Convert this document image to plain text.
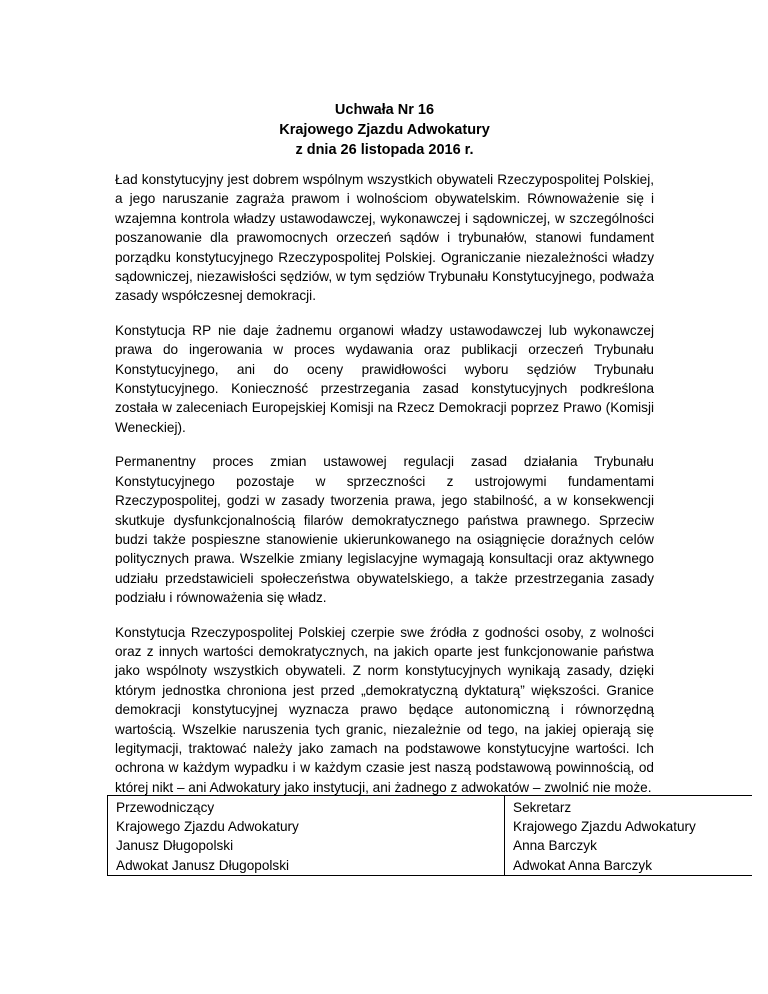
Uchwała Nr 16
Krajowego Zjazdu Adwokatury
z dnia 26 listopada 2016 r.

Ład konstytucyjny jest dobrem wspólnym wszystkich obywateli Rzeczypospolitej Polskiej, a jego naruszanie zagraża prawom i wolnościom obywatelskim. Równoważenie się i wzajemna kontrola władzy ustawodawczej, wykonawczej i sądowniczej, w szczególności poszanowanie dla prawomocnych orzeczeń sądów i trybunałów, stanowi fundament porządku konstytucyjnego Rzeczypospolitej Polskiej. Ograniczanie niezależności władzy sądowniczej, niezawisłości sędziów, w tym sędziów Trybunału Konstytucyjnego, podważa zasady współczesnej demokracji.

Konstytucja RP nie daje żadnemu organowi władzy ustawodawczej lub wykonawczej prawa do ingerowania w proces wydawania oraz publikacji orzeczeń Trybunału Konstytucyjnego, ani do oceny prawidłowości wyboru sędziów Trybunału Konstytucyjnego. Konieczność przestrzegania zasad konstytucyjnych podkreślona została w zaleceniach Europejskiej Komisji na Rzecz Demokracji poprzez Prawo (Komisji Weneckiej).

Permanentny proces zmian ustawowej regulacji zasad działania Trybunału Konstytucyjnego pozostaje w sprzeczności z ustrojowymi fundamentami Rzeczypospolitej, godzi w zasady tworzenia prawa, jego stabilność, a w konsekwencji skutkuje dysfunkcjonalnością filarów demokratycznego państwa prawnego. Sprzeciw budzi także pospieszne stanowienie ukierunkowanego na osiągnięcie doraźnych celów politycznych prawa. Wszelkie zmiany legislacyjne wymagają konsultacji oraz aktywnego udziału przedstawicieli społeczeństwa obywatelskiego, a także przestrzegania zasady podziału i równoważenia się władz.

Konstytucja Rzeczypospolitej Polskiej czerpie swe źródła z godności osoby, z wolności oraz z innych wartości demokratycznych, na jakich oparte jest funkcjonowanie państwa jako wspólnoty wszystkich obywateli. Z norm konstytucyjnych wynikają zasady, dzięki którym jednostka chroniona jest przed „demokratyczną dyktaturą” większości. Granice demokracji konstytucyjnej wyznacza prawo będące autonomiczną i równorzędną wartością. Wszelkie naruszenia tych granic, niezależnie od tego, na jakiej opierają się legitymacji, traktować należy jako zamach na podstawowe konstytucyjne wartości. Ich ochrona w każdym wypadku i w każdym czasie jest naszą podstawową powinnością, od której nikt – ani Adwokatury jako instytucji, ani żadnego z adwokatów – zwolnić nie może.

Przewodniczący
Krajowego Zjazdu Adwokatury
Janusz Długopolski
Adwokat Janusz Długopolski

Sekretarz
Krajowego Zjazdu Adwokatury
Anna Barczyk
Adwokat Anna Barczyk
